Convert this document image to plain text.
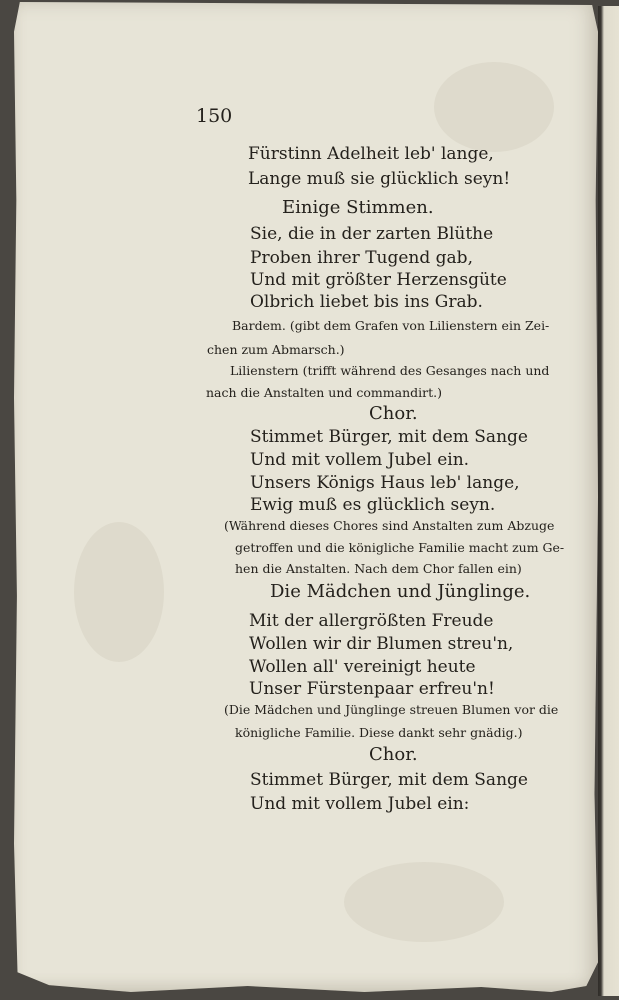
150

Fürstinn Adelheit leb' lange,

Lange muß sie glücklich seyn!

Einige Stimmen.

Sie, die in der zarten Blüthe

Proben ihrer Tugend gab,

Und mit größter Herzensgüte

Olbrich liebet bis ins Grab.

Bardem. (gibt dem Grafen von Lilienstern ein Zei-

chen zum Abmarsch.)

Lilienstern (trifft während des Gesanges nach und

nach die Anstalten und commandirt.)

Chor.

Stimmet Bürger, mit dem Sange

Und mit vollem Jubel ein.

Unsers Königs Haus leb' lange,

Ewig muß es glücklich seyn.

(Während dieses Chores sind Anstalten zum Abzuge

getroffen und die königliche Familie macht zum Ge-

hen die Anstalten. Nach dem Chor fallen ein)

Die Mädchen und Jünglinge.

Mit der allergrößten Freude

Wollen wir dir Blumen streu'n,

Wollen all' vereinigt heute

Unser Fürstenpaar erfreu'n!

(Die Mädchen und Jünglinge streuen Blumen vor die

königliche Familie. Diese dankt sehr gnädig.)

Chor.

Stimmet Bürger, mit dem Sange

Und mit vollem Jubel ein:
